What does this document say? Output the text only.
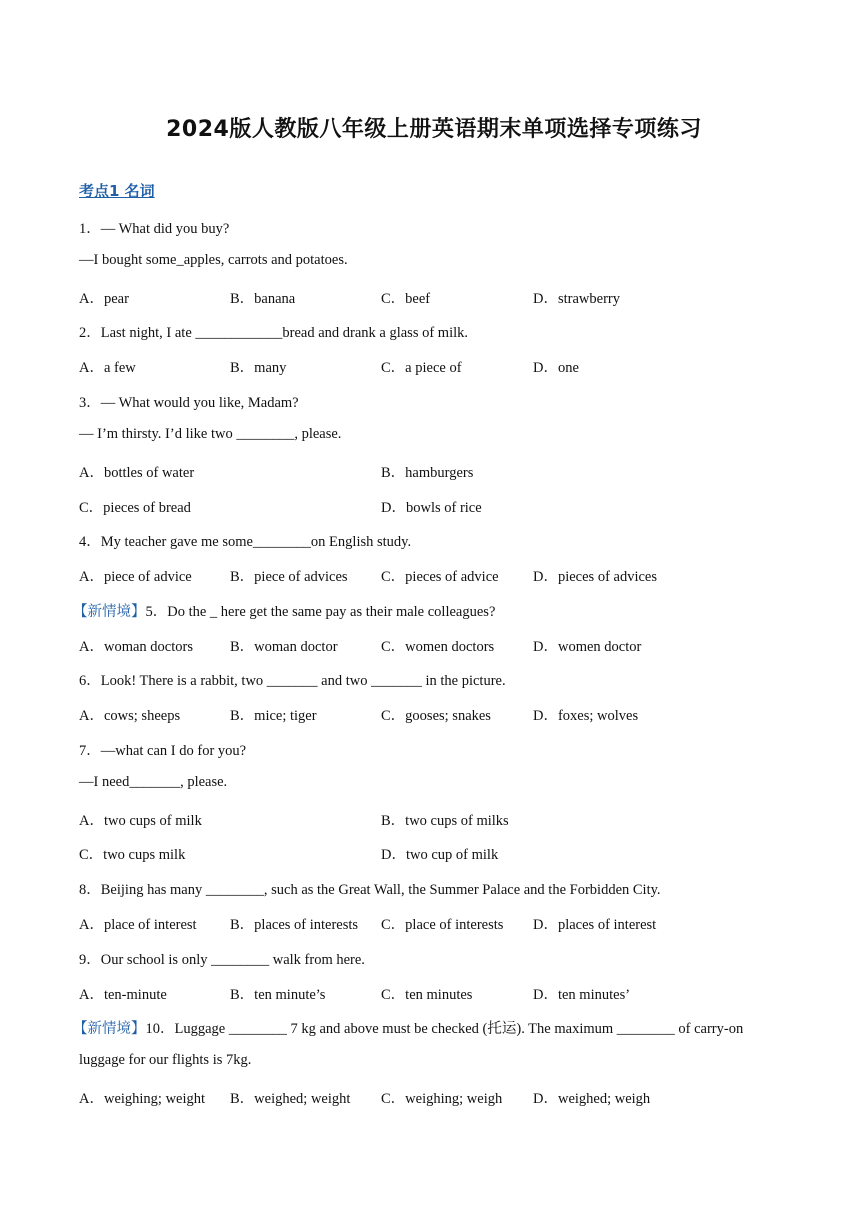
2024版人教版八年级上册英语期末单项选择专项练习
考点1 名词
1．— What did you buy?
—I bought some_apples, carrots and potatoes.
A．pear	B．banana	C．beef	D．strawberry
2．Last night, I ate ____________bread and drank a glass of milk.
A．a few	B．many	C．a piece of	D．one
3．— What would you like, Madam?
— I’m thirsty. I’d like two ________, please.
A．bottles of water	B．hamburgers
C．pieces of bread	D．bowls of rice
4．My teacher gave me some________on English study.
A．piece of advice	B．piece of advices C．pieces of advice D．pieces of advices
【新情境】5．Do the _ here get the same pay as their male colleagues?
A．woman doctors	B．woman doctor	C．women doctors	D．women doctor
6．Look! There is a rabbit, two _______ and two _______ in the picture.
A．cows; sheeps	B．mice; tiger	C．gooses; snakes	D．foxes; wolves
7．—what can I do for you?
—I need_______, please.
A．two cups of milk	B．two cups of milks
C．two cups milk	D．two cup of milk
8．Beijing has many ________, such as the Great Wall, the Summer Palace and the Forbidden City.
A．place of interest B．places of interests C．place of interests D．places of interest
9．Our school is only ________ walk from here.
A．ten-minute	B．ten minute’s	C．ten minutes	D．ten minutes’
【新情境】10．Luggage ________ 7 kg and above must be checked (托运). The maximum ________ of carry-on
luggage for our flights is 7kg.
A．weighing; weight B．weighed; weight C．weighing; weigh D．weighed; weigh
